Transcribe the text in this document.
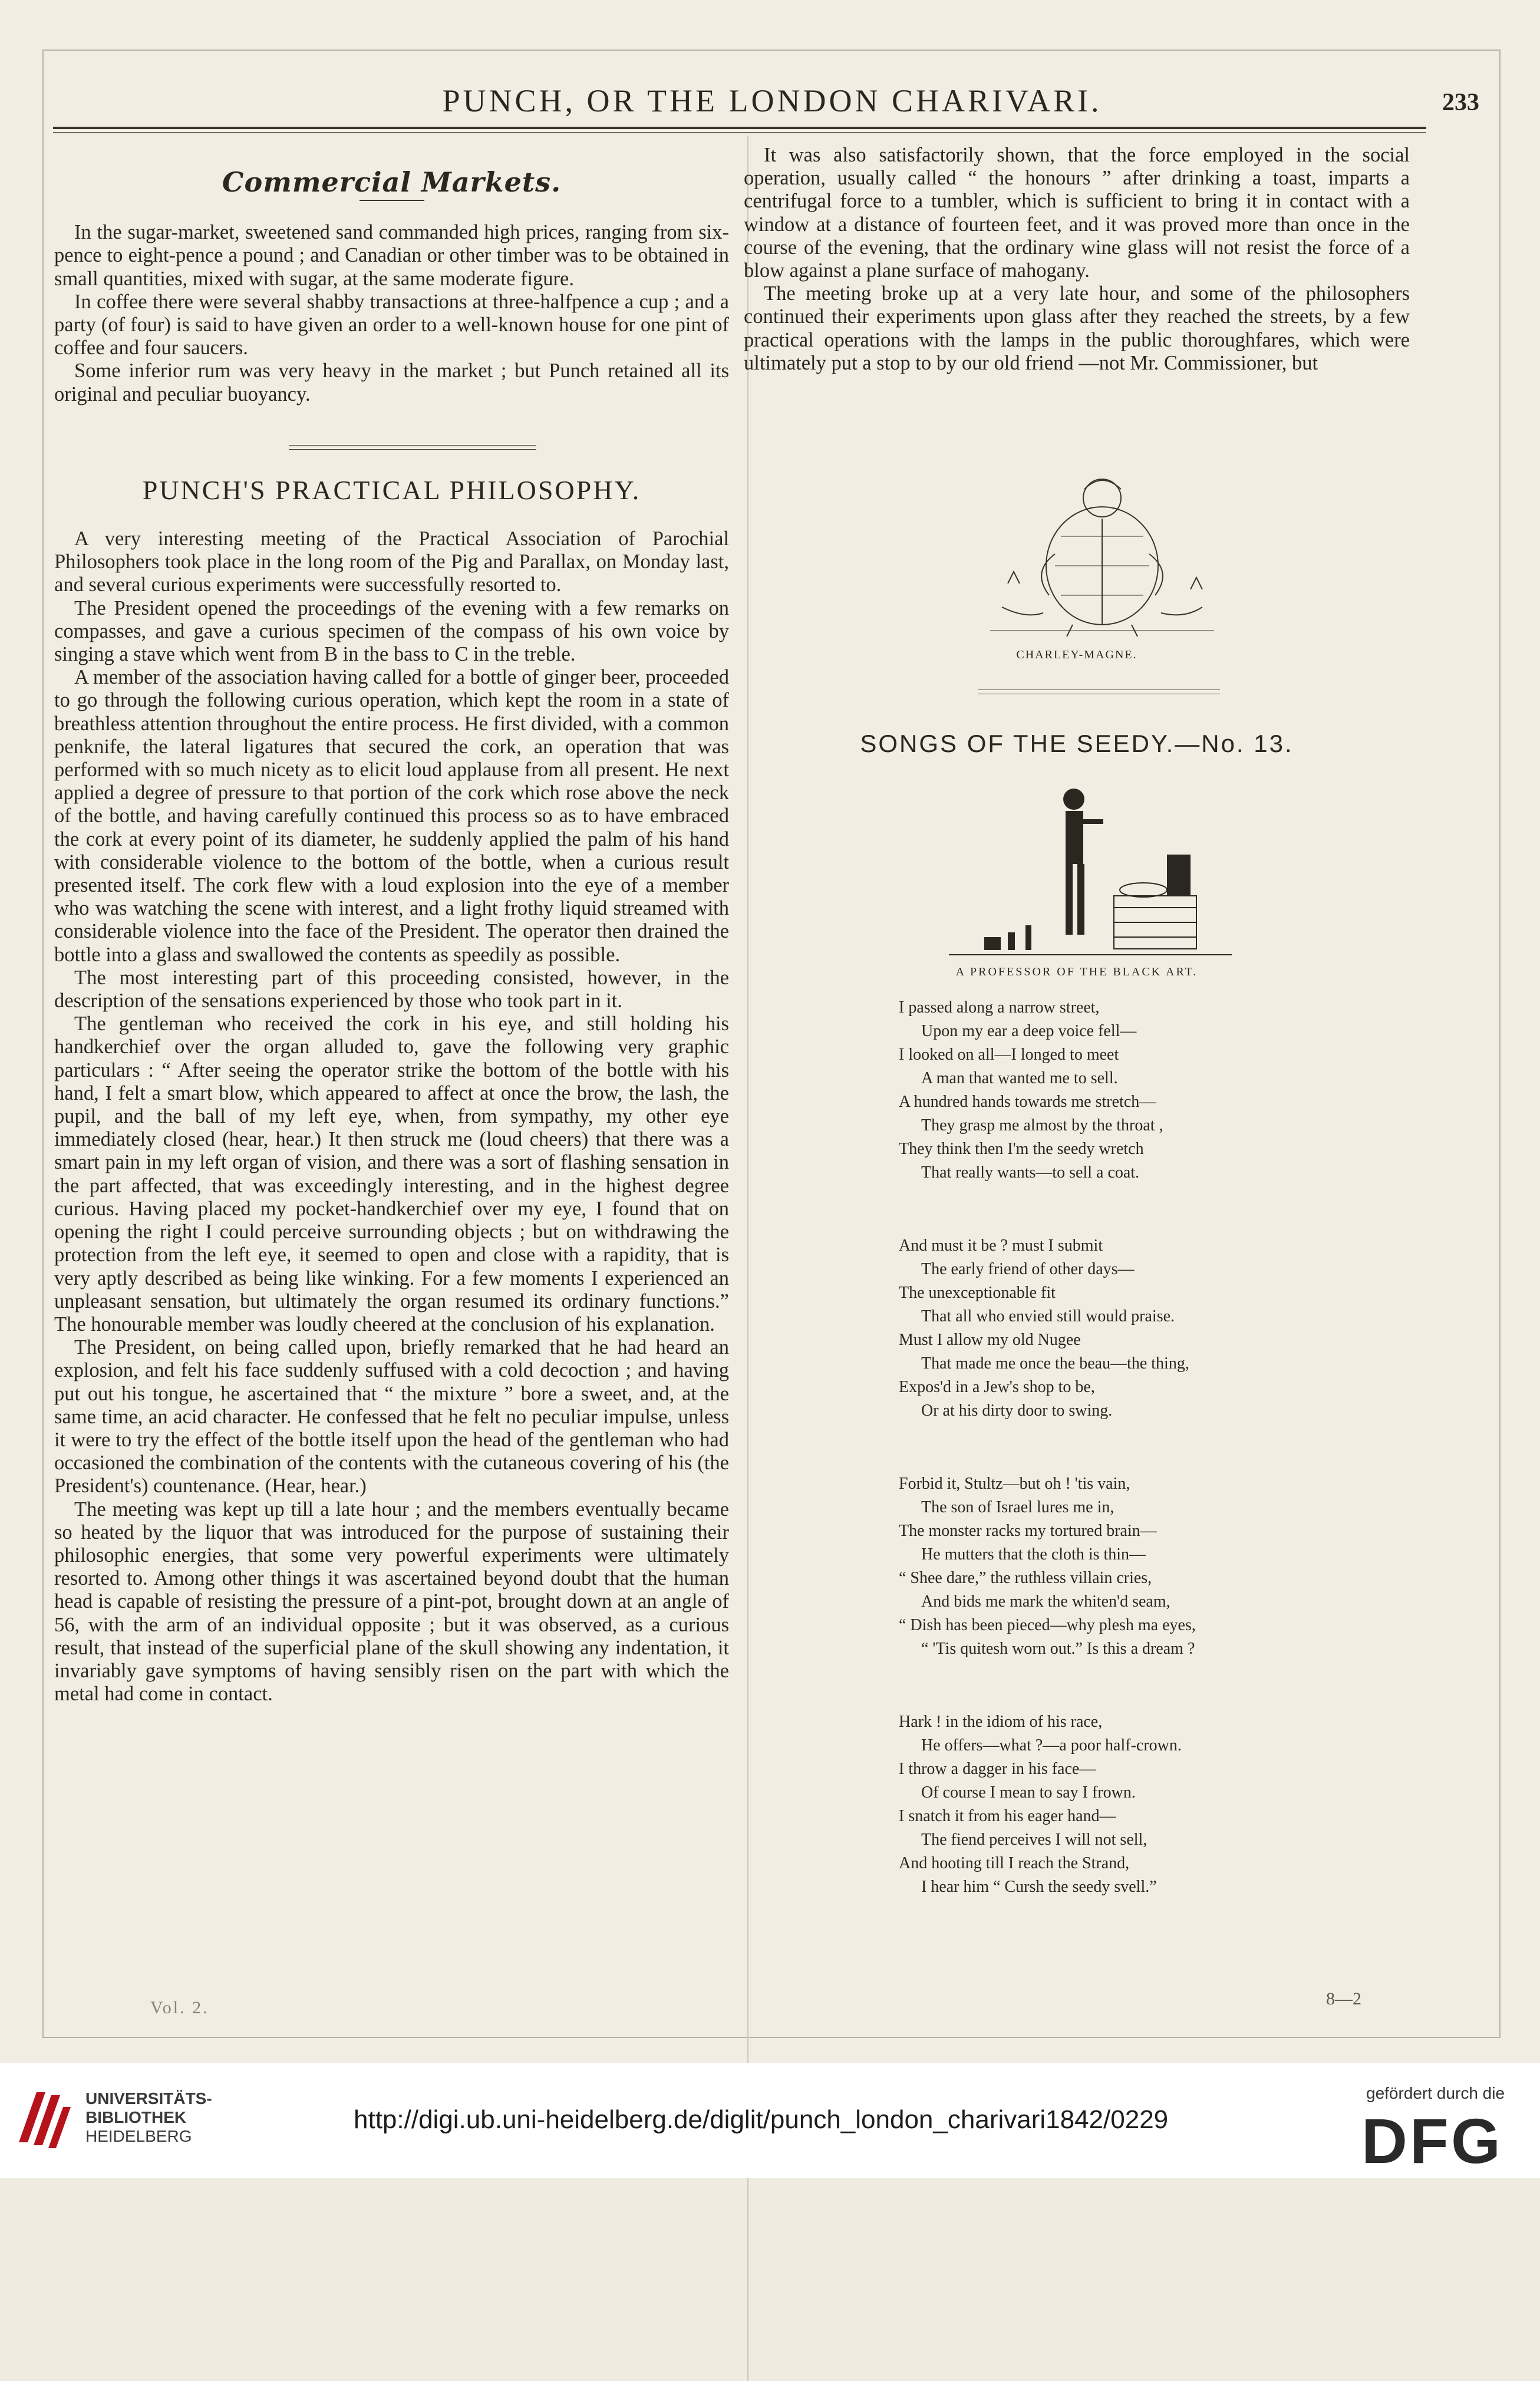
PUNCH, OR THE LONDON CHARIVARI.	233
Commercial Markets.

In the sugar-market, sweetened sand commanded high prices, ranging from six-pence to eight-pence a pound ; and Canadian or other timber was to be obtained in small quantities, mixed with sugar, at the same moderate figure.

In coffee there were several shabby transactions at three-halfpence a cup ; and a party (of four) is said to have given an order to a well-known house for one pint of coffee and four saucers.

Some inferior rum was very heavy in the market ; but Punch retained all its original and peculiar buoyancy.

PUNCH'S PRACTICAL PHILOSOPHY.

A very interesting meeting of the Practical Association of Parochial Philosophers took place in the long room of the Pig and Parallax, on Monday last, and several curious experiments were successfully resorted to.

The President opened the proceedings of the evening with a few remarks on compasses, and gave a curious specimen of the compass of his own voice by singing a stave which went from B in the bass to C in the treble.

A member of the association having called for a bottle of ginger beer, proceeded to go through the following curious operation, which kept the room in a state of breathless attention throughout the entire process. He first divided, with a common penknife, the lateral ligatures that secured the cork, an operation that was performed with so much nicety as to elicit loud applause from all present. He next applied a degree of pressure to that portion of the cork which rose above the neck of the bottle, and having carefully continued this process so as to have embraced the cork at every point of its diameter, he suddenly applied the palm of his hand with considerable violence to the bottom of the bottle, when a curious result presented itself. The cork flew with a loud explosion into the eye of a member who was watching the scene with interest, and a light frothy liquid streamed with considerable violence into the face of the President. The operator then drained the bottle into a glass and swallowed the contents as speedily as possible.

The most interesting part of this proceeding consisted, however, in the description of the sensations experienced by those who took part in it.

The gentleman who received the cork in his eye, and still holding his handkerchief over the organ alluded to, gave the following very graphic particulars : “ After seeing the operator strike the bottom of the bottle with his hand, I felt a smart blow, which appeared to affect at once the brow, the lash, the pupil, and the ball of my left eye, when, from sympathy, my other eye immediately closed (hear, hear.) It then struck me (loud cheers) that there was a smart pain in my left organ of vision, and there was a sort of flashing sensation in the part affected, that was exceedingly interesting, and in the highest degree curious. Having placed my pocket-handkerchief over my eye, I found that on opening the right I could perceive surrounding objects ; but on withdrawing the protection from the left eye, it seemed to open and close with a rapidity, that is very aptly described as being like winking. For a few moments I experienced an unpleasant sensation, but ultimately the organ resumed its ordinary functions.” The honourable member was loudly cheered at the conclusion of his explanation.

The President, on being called upon, briefly remarked that he had heard an explosion, and felt his face suddenly suffused with a cold decoction ; and having put out his tongue, he ascertained that “ the mixture ” bore a sweet, and, at the same time, an acid character. He confessed that he felt no peculiar impulse, unless it were to try the effect of the bottle itself upon the head of the gentleman who had occasioned the combination of the contents with the cutaneous covering of his (the President's) countenance. (Hear, hear.)

The meeting was kept up till a late hour ; and the members eventually became so heated by the liquor that was introduced for the purpose of sustaining their philosophic energies, that some very powerful experiments were ultimately resorted to. Among other things it was ascertained beyond doubt that the human head is capable of resisting the pressure of a pint-pot, brought down at an angle of 56, with the arm of an individual opposite ; but it was observed, as a curious result, that instead of the superficial plane of the skull showing any indentation, it invariably gave symptoms of having sensibly risen on the part with which the metal had come in contact.

It was also satisfactorily shown, that the force employed in the social operation, usually called “ the honours ” after drinking a toast, imparts a centrifugal force to a tumbler, which is sufficient to bring it in contact with a window at a distance of fourteen feet, and it was proved more than once in the course of the evening, that the ordinary wine glass will not resist the force of a blow against a plane surface of mahogany.

The meeting broke up at a very late hour, and some of the philosophers continued their experiments upon glass after they reached the streets, by a few practical operations with the lamps in the public thoroughfares, which were ultimately put a stop to by our old friend —not Mr. Commissioner, but

CHARLEY-MAGNE.
SONGS OF THE SEEDY.—No. 13.
A PROFESSOR OF THE BLACK ART.
I passed along a narrow street,
Upon my ear a deep voice fell—
I looked on all—I longed to meet
A man that wanted me to sell.
A hundred hands towards me stretch—
They grasp me almost by the throat ,
They think then I'm the seedy wretch
That really wants—to sell a coat.
And must it be ? must I submit
The early friend of other days—
The unexceptionable fit
That all who envied still would praise.
Must I allow my old Nugee
That made me once the beau—the thing,
Expos'd in a Jew's shop to be,
Or at his dirty door to swing.
Forbid it, Stultz—but oh ! 'tis vain,
The son of Israel lures me in,
The monster racks my tortured brain—
He mutters that the cloth is thin—
“ Shee dare,” the ruthless villain cries,
And bids me mark the whiten'd seam,
“ Dish has been pieced—why plesh ma eyes,
“ 'Tis quitesh worn out.” Is this a dream ?
Hark ! in the idiom of his race,
He offers—what ?—a poor half-crown.
I throw a dagger in his face—
Of course I mean to say I frown.
I snatch it from his eager hand—
The fiend perceives I will not sell,
And hooting till I reach the Strand,
I hear him “ Cursh the seedy svell.”
Vol. 2.	8—2
UNIVERSITÄTS-
BIBLIOTHEK
HEIDELBERG
http://digi.ub.uni-heidelberg.de/diglit/punch_london_charivari1842/0229
gefördert durch die
DFG
